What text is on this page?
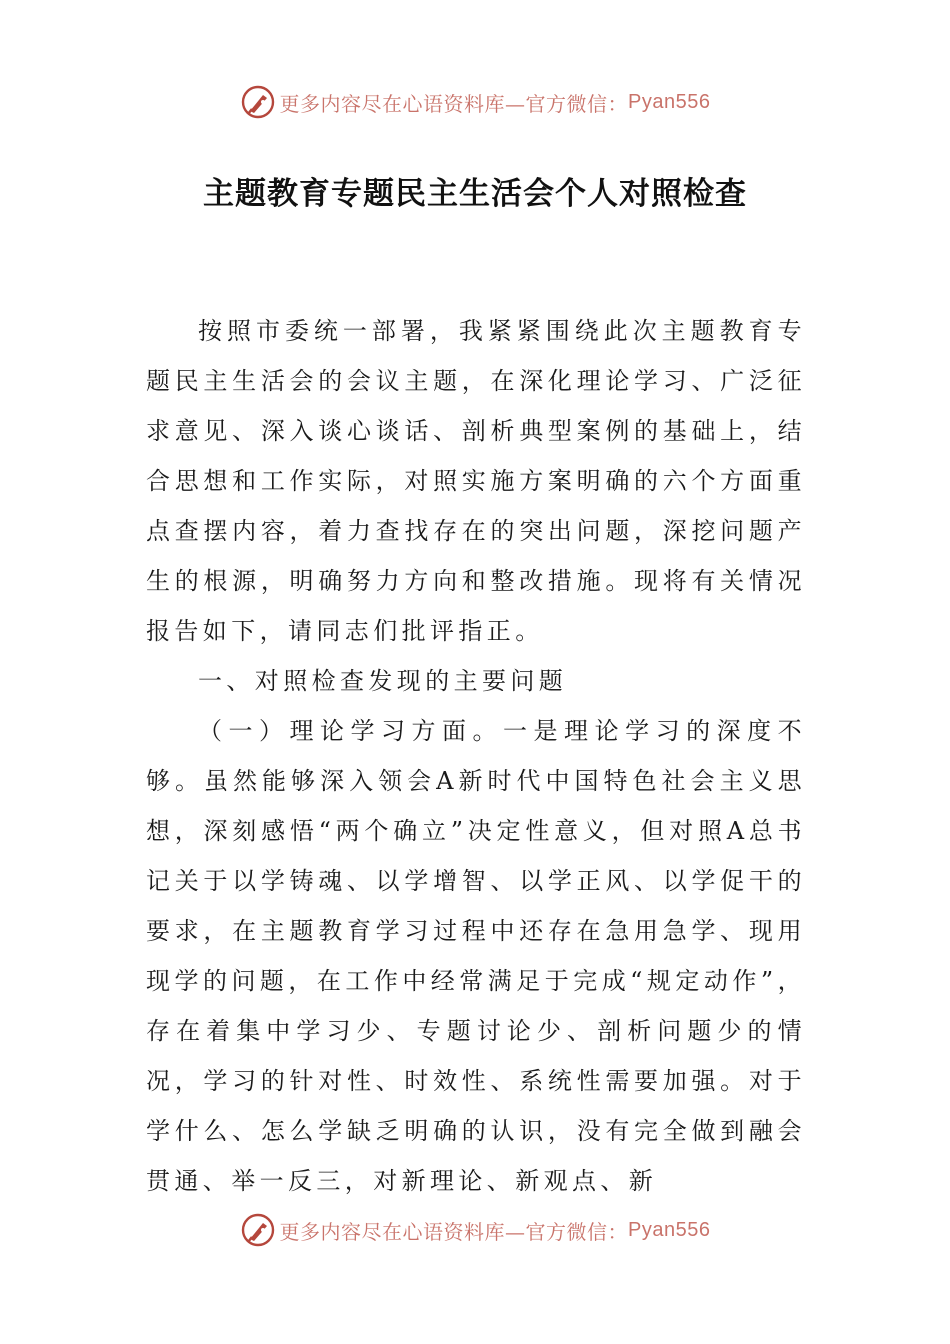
更多内容尽在心语资料库—官方微信： Pyan556
主题教育专题民主生活会个人对照检查

按照市委统一部署，我紧紧围绕此次主题教育专题民主生活会的会议主题，在深化理论学习、广泛征求意见、深入谈心谈话、剖析典型案例的基础上，结合思想和工作实际，对照实施方案明确的六个方面重点查摆内容，着力查找存在的突出问题，深挖问题产生的根源，明确努力方向和整改措施。现将有关情况报告如下，请同志们批评指正。

一、对照检查发现的主要问题

（一）理论学习方面。一是理论学习的深度不够。虽然能够深入领会A新时代中国特色社会主义思想，深刻感悟“两个确立”决定性意义，但对照A总书记关于以学铸魂、以学增智、以学正风、以学促干的要求，在主题教育学习过程中还存在急用急学、现用现学的问题，在工作中经常满足于完成“规定动作”，存在着集中学习少、专题讨论少、剖析问题少的情况，学习的针对性、时效性、系统性需要加强。对于学什么、怎么学缺乏明确的认识，没有完全做到融会贯通、举一反三，对新理论、新观点、新

更多内容尽在心语资料库—官方微信： Pyan556
